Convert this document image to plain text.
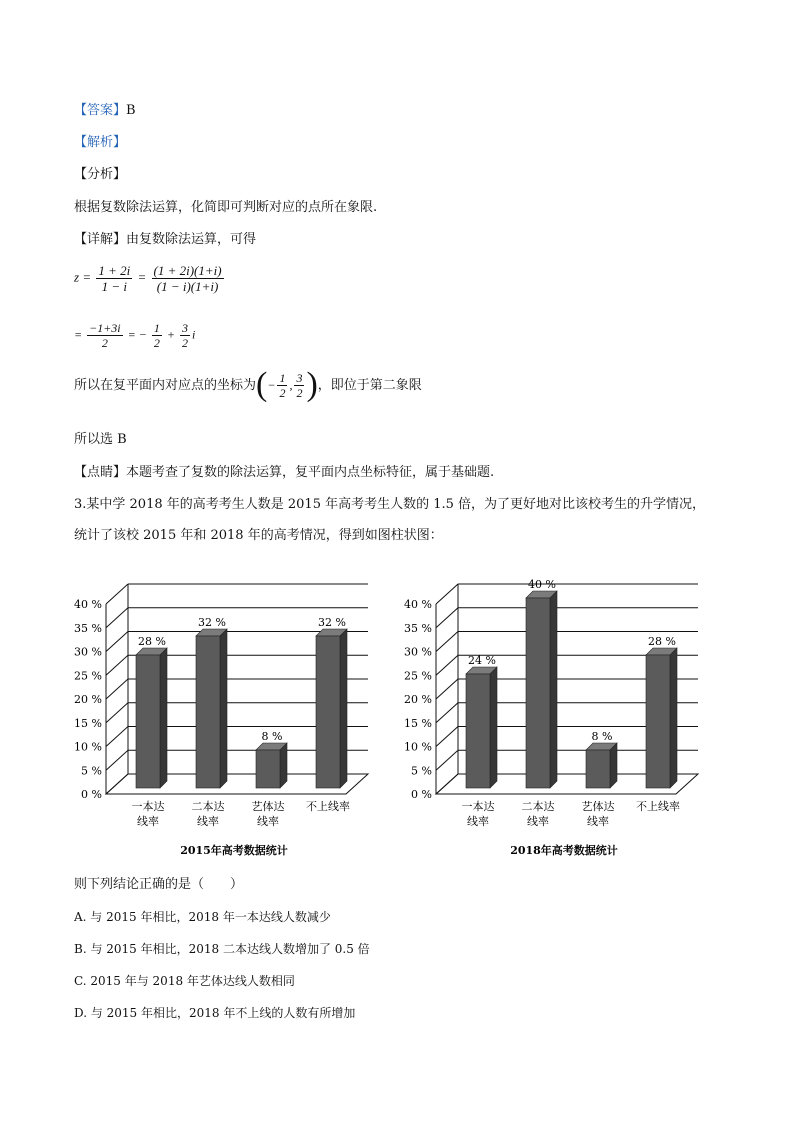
【答案】B
【解析】
【分析】
根据复数除法运算，化简即可判断对应的点所在象限.
【详解】由复数除法运算，可得
$z = \frac{1 + 2i}{1 - i} = \frac{(1 + 2i)(1+i)}{(1 - i)(1+i)}$
= $\frac{-1+3i}{2}$ = − $\frac{1}{2} + \frac{3}{2}$ i
所以在复平面内对应点的坐标为 ( − $\frac{1}{2}$ , $\frac{3}{2}$ ) ，即位于第二象限
所以选 B
【点睛】本题考查了复数的除法运算，复平面内点坐标特征，属于基础题.
3.某中学 2018 年的高考考生人数是 2015 年高考考生人数的 1.5 倍，为了更好地对比该校考生的升学情况，
统计了该校 2015 年和 2018 年的高考情况，得到如图柱状图：
0 %
5 %
10 %
15 %
20 %
25 %
30 %
35 %
40 %
28 %
一本达
线率
32 %
二本达
线率
8 %
艺体达
线率
32 %
不上线率
2015年高考数据统计
0 %
5 %
10 %
15 %
20 %
25 %
30 %
35 %
40 %
24 %
一本达
线率
40 %
二本达
线率
8 %
艺体达
线率
28 %
不上线率
2018年高考数据统计
则下列结论正确的是（　　）
A. 与 2015 年相比，2018 年一本达线人数减少
B. 与 2015 年相比，2018 二本达线人数增加了 0.5 倍
C. 2015 年与 2018 年艺体达线人数相同
D. 与 2015 年相比，2018 年不上线的人数有所增加
